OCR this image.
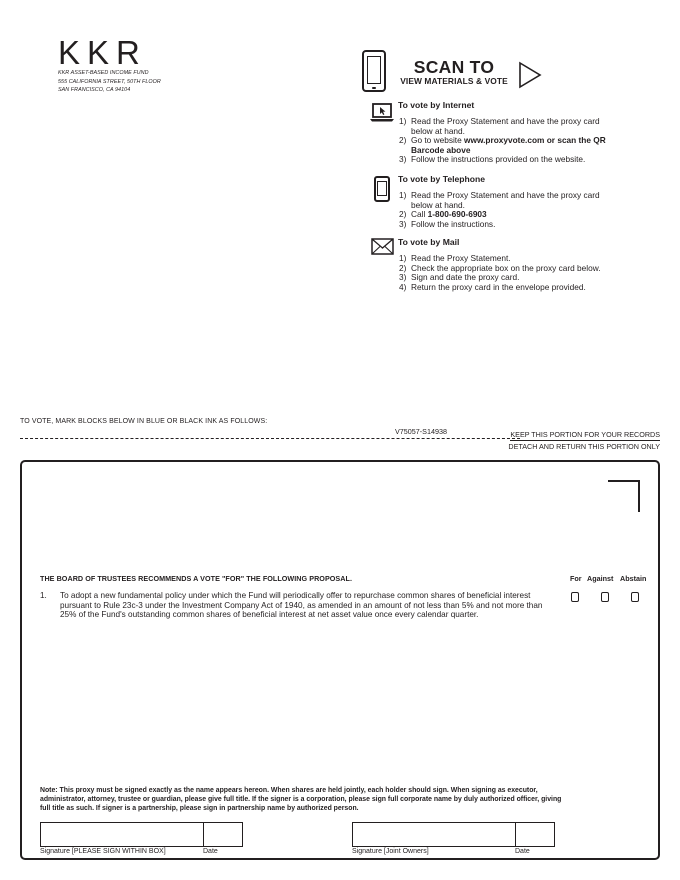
KKR
KKR ASSET-BASED INCOME FUND
555 CALIFORNIA STREET, 50TH FLOOR
SAN FRANCISCO, CA 94104
SCAN TO
VIEW MATERIALS & VOTE
To vote by Internet
1) Read the Proxy Statement and have the proxy card below at hand.
2) Go to website www.proxyvote.com or scan the QR Barcode above
3) Follow the instructions provided on the website.
To vote by Telephone
1) Read the Proxy Statement and have the proxy card below at hand.
2) Call 1-800-690-6903
3) Follow the instructions.
To vote by Mail
1) Read the Proxy Statement.
2) Check the appropriate box on the proxy card below.
3) Sign and date the proxy card.
4) Return the proxy card in the envelope provided.
TO VOTE, MARK BLOCKS BELOW IN BLUE OR BLACK INK AS FOLLOWS:
V75057-S14938	KEEP THIS PORTION FOR YOUR RECORDS
DETACH AND RETURN THIS PORTION ONLY
THE BOARD OF TRUSTEES RECOMMENDS A VOTE "FOR" THE FOLLOWING PROPOSAL.	For Against Abstain
1. To adopt a new fundamental policy under which the Fund will periodically offer to repurchase common shares of beneficial interest pursuant to Rule 23c-3 under the Investment Company Act of 1940, as amended in an amount of not less than 5% and not more than 25% of the Fund's outstanding common shares of beneficial interest at net asset value once every calendar quarter.
Note: This proxy must be signed exactly as the name appears hereon. When shares are held jointly, each holder should sign. When signing as executor, administrator, attorney, trustee or guardian, please give full title. If the signer is a corporation, please sign full corporate name by duly authorized officer, giving full title as such. If signer is a partnership, please sign in partnership name by authorized person.
Signature [PLEASE SIGN WITHIN BOX]	Date	Signature [Joint Owners]	Date
